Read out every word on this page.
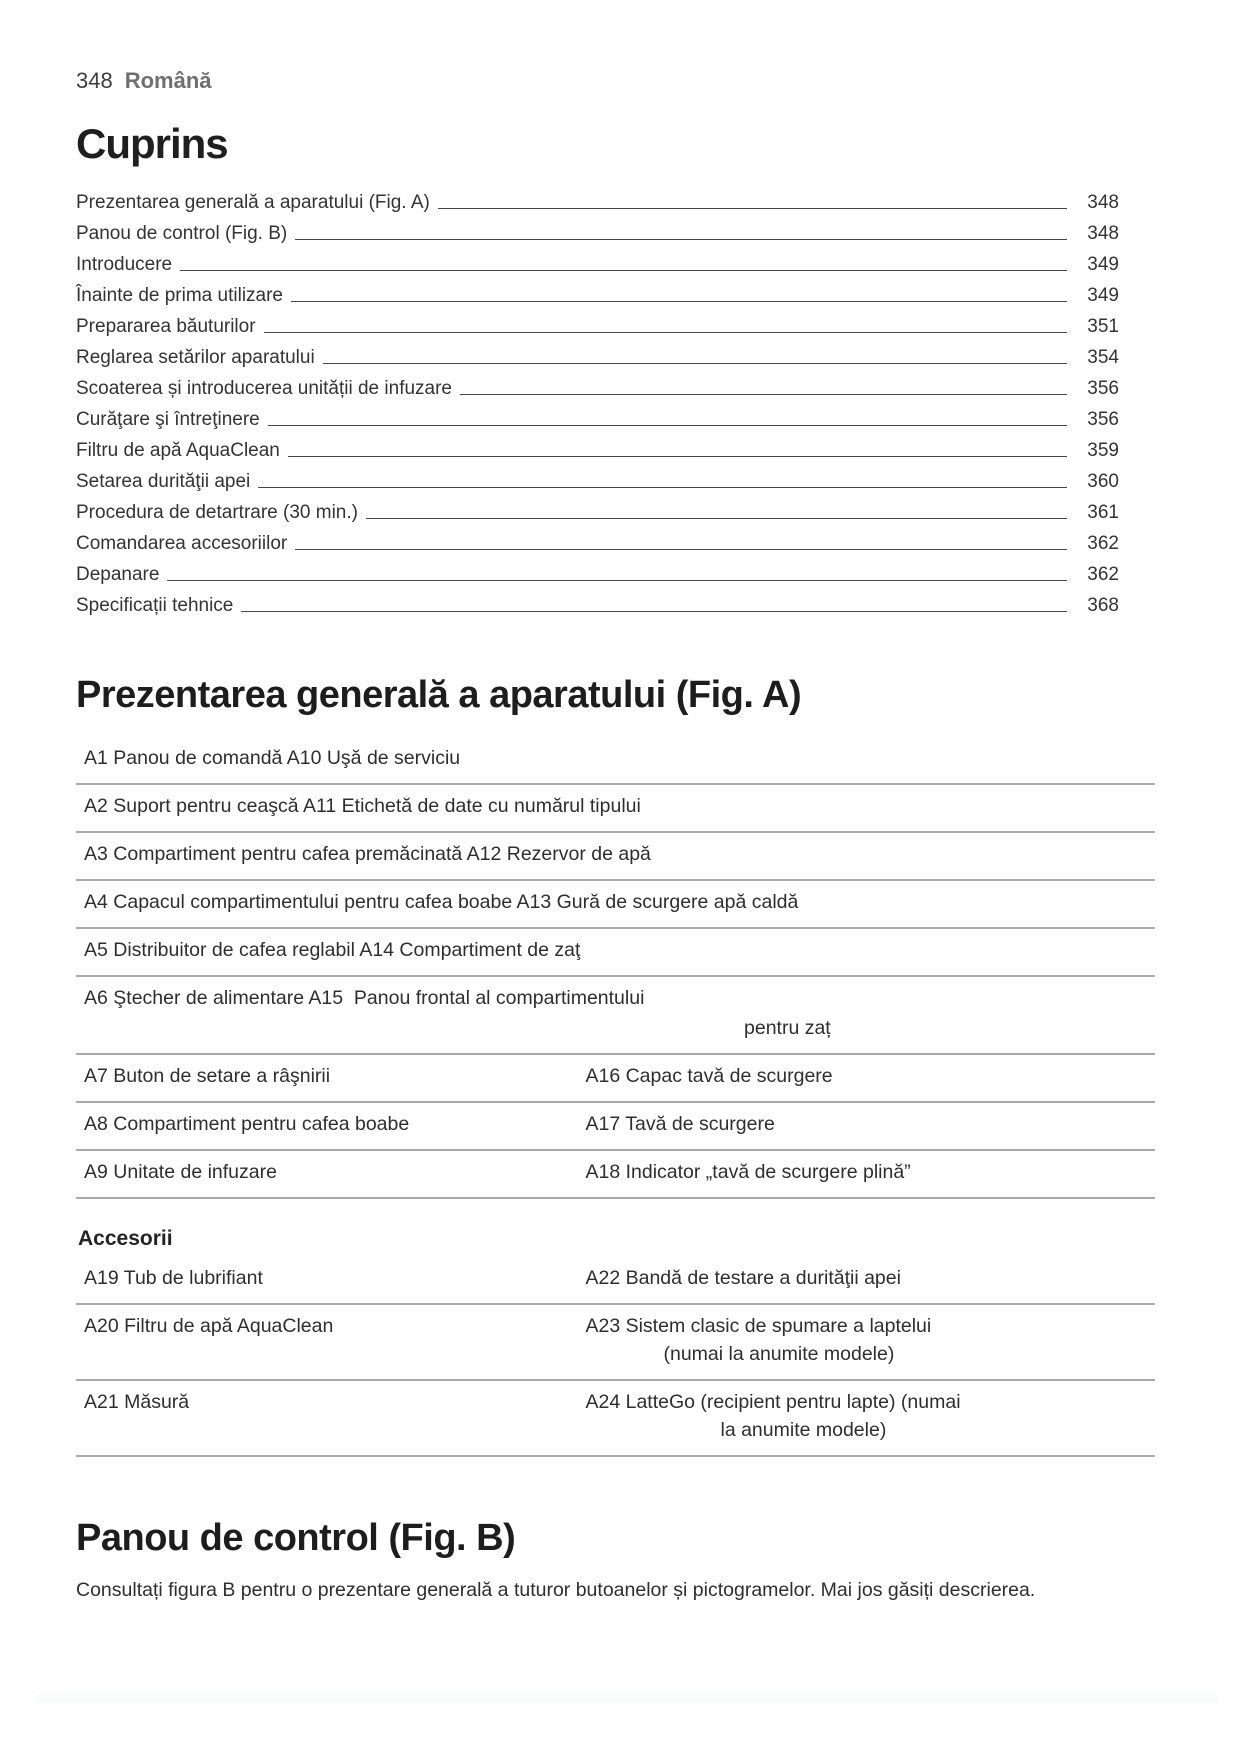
348 Română
Cuprins
Prezentarea generală a aparatului (Fig. A)	348
Panou de control (Fig. B)	348
Introducere	349
Înainte de prima utilizare	349
Prepararea băuturilor	351
Reglarea setărilor aparatului	354
Scoaterea și introducerea unității de infuzare	356
Curăţare şi întreţinere	356
Filtru de apă AquaClean	359
Setarea durităţii apei	360
Procedura de detartrare (30 min.)	361
Comandarea accesoriilor	362
Depanare	362
Specificații tehnice	368
Prezentarea generală a aparatului (Fig. A)
A1 Panou de comandă A10 Uşă de serviciu
A2 Suport pentru ceaşcă A11 Etichetă de date cu numărul tipului
A3 Compartiment pentru cafea premăcinată A12 Rezervor de apă
A4 Capacul compartimentului pentru cafea boabe A13 Gură de scurgere apă caldă
A5 Distribuitor de cafea reglabil A14 Compartiment de zaţ
A6 Ştecher de alimentare A15  Panou frontal al compartimentului
pentru zaț
A7 Buton de setare a râşnirii	A16 Capac tavă de scurgere
A8 Compartiment pentru cafea boabe	A17 Tavă de scurgere
A9 Unitate de infuzare	A18 Indicator „tavă de scurgere plină”
Accesorii
A19 Tub de lubrifiant	A22 Bandă de testare a durităţii apei
A20 Filtru de apă AquaClean	A23 Sistem clasic de spumare a laptelui
(numai la anumite modele)
A21 Măsură	A24 LatteGo (recipient pentru lapte) (numai
la anumite modele)
Panou de control (Fig. B)

Consultați figura B pentru o prezentare generală a tuturor butoanelor și pictogramelor. Mai jos găsiți descrierea.
